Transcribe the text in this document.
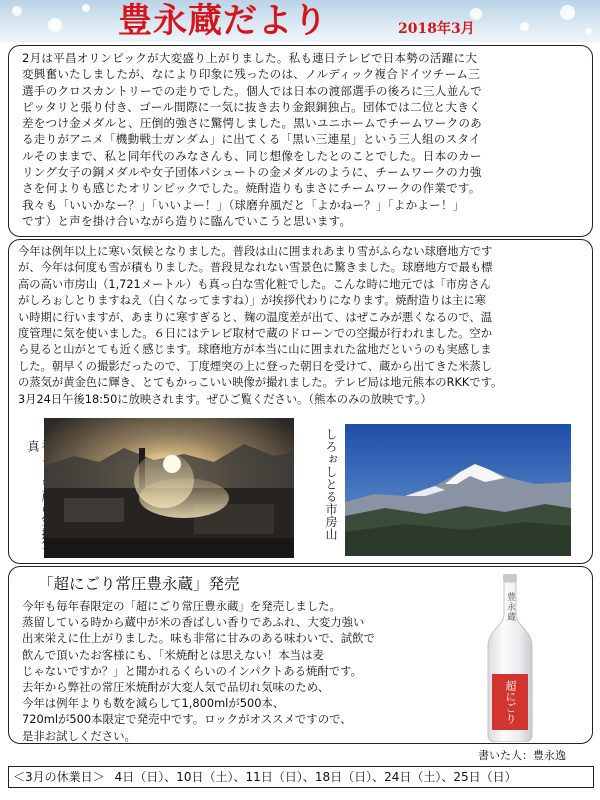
豊永蔵だより	2018年3月
2月は平昌オリンピックが大変盛り上がりました。私も連日テレビで日本勢の活躍に大
変興奮いたしましたが、なにより印象に残ったのは、ノルディック複合ドイツチーム三
選手のクロスカントリーでの走りでした。個人では日本の渡部選手の後ろに三人並んで
ピッタリと張り付き、ゴール間際に一気に抜き去り金銀銅独占。団体では二位と大きく
差をつけ金メダルと、圧倒的強さに驚愕しました。黒いユニホームでチームワークのあ
る走りがアニメ「機動戦士ガンダム」に出てくる「黒い三連星」という三人組のスタイ
ルそのままで、私と同年代のみなさんも、同じ想像をしたとのことでした。日本のカー
リング女子の銅メダルや女子団体パシュートの金メダルのように、チームワークの力強
さを何よりも感じたオリンピックでした。焼酎造りもまさにチームワークの作業です。
我々も「いいかなー？」「いいよー！」（球磨弁風だと「よかねー？」「よかよー！」
です）と声を掛け合いながら造りに臨んでいこうと思います。
今年は例年以上に寒い気候となりました。普段は山に囲まれあまり雪がふらない球磨地方です
が、今年は何度も雪が積もりました。普段見なれない雪景色に驚きました。球磨地方で最も標
高の高い市房山（1,721メートル）も真っ白な雪化粧でした。こんな時に地元では「市房さん
がしろぉしとりますねえ（白くなってますね）」が挨拶代わりになります。焼酎造りは主に寒
い時期に行いますが、あまりに寒すぎると、麹の温度差が出て、はぜこみが悪くなるので、温
度管理に気を使いました。６日にはテレビ取材で蔵のドローンでの空撮が行われました。空か
ら見ると山がとても近く感じます。球磨地方が本当に山に囲まれた盆地だというのも実感しま
した。朝早くの撮影だったので、丁度煙突の上に登った朝日を受けて、蔵から出てきた米蒸し
の蒸気が黄金色に輝き、とてもかっこいい映像が撮れました。テレビ局は地元熊本のRKKです。
3月24日午後18:50に放映されます。ぜひご覧ください。（熊本のみの放映です。）
真	しろぉしとる市房山
「超にごり常圧豊永蔵」発売
今年も毎年春限定の「超にごり常圧豊永蔵」を発売しました。
蒸留している時から蔵中が米の香ばしい香りであふれ、大変力強い
出来栄えに仕上がりました。味も非常に甘みのある味わいで、試飲で
飲んで頂いたお客様にも、「米焼酎とは思えない！本当は麦
じゃないですか？」と聞かれるくらいのインパクトある焼酎です。
去年から弊社の常圧米焼酎が大変人気で品切れ気味のため、
今年は例年よりも数を減らして1,800mlが500本、
720mlが500本限定で発売中です。ロックがオススメですので、
是非お試しください。
豊永蔵
超にごり
書いた人：豊永逸
＜3月の休業日＞ 4日（日）、10日（土）、11日（日）、18日（日）、24日（土）、25日（日）
